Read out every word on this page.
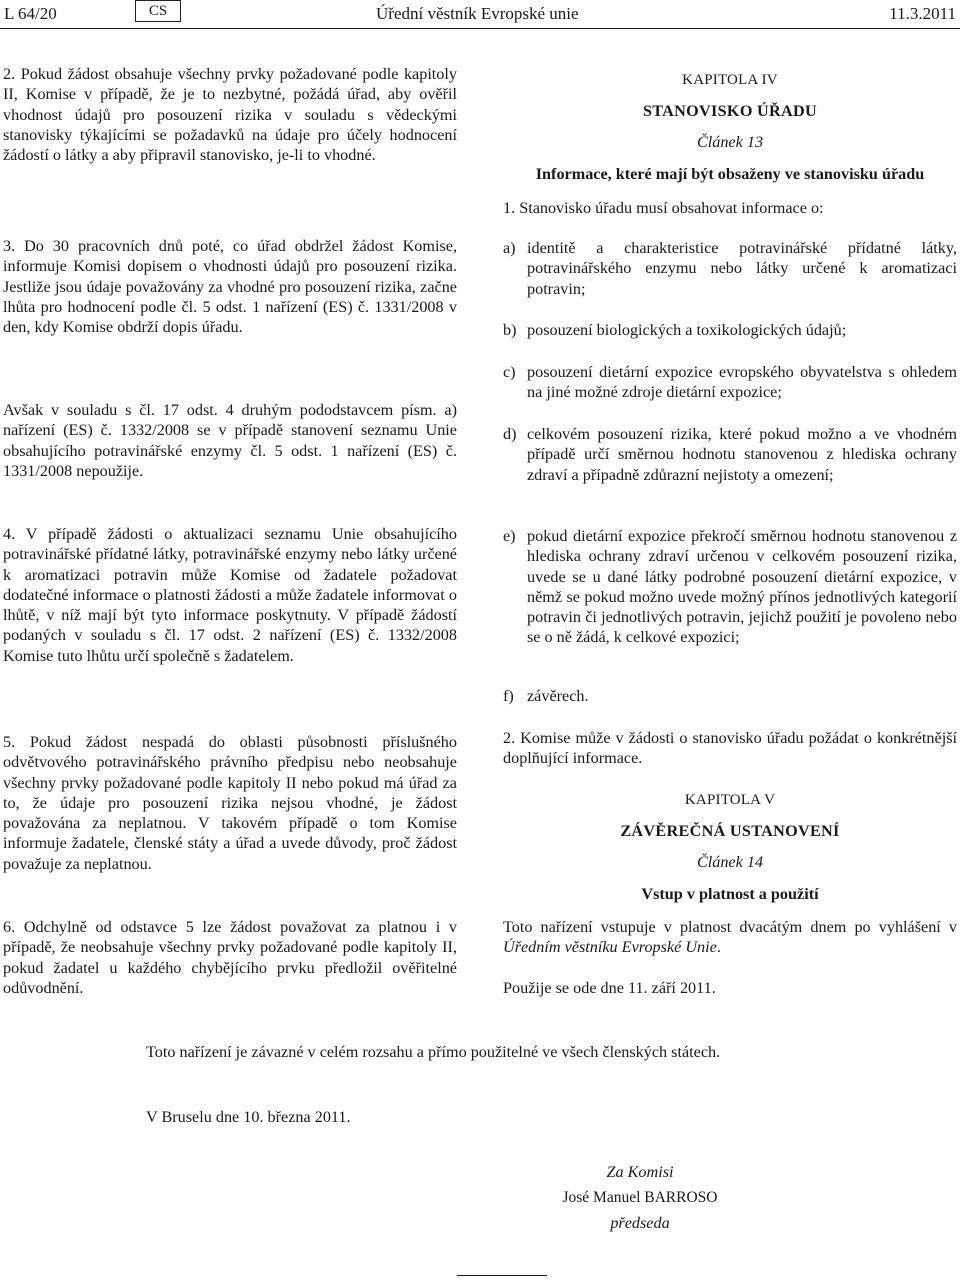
L 64/20	CS	Úřední věstník Evropské unie	11.3.2011

2. Pokud žádost obsahuje všechny prvky požadované podle kapitoly II, Komise v případě, že je to nezbytné, požádá úřad, aby ověřil vhodnost údajů pro posouzení rizika v souladu s vědeckými stanovisky týkajícími se požadavků na údaje pro účely hodnocení žádostí o látky a aby připravil stanovisko, je-li to vhodné.

3. Do 30 pracovních dnů poté, co úřad obdržel žádost Komise, informuje Komisi dopisem o vhodnosti údajů pro posouzení rizika. Jestliže jsou údaje považovány za vhodné pro posouzení rizika, začne lhůta pro hodnocení podle čl. 5 odst. 1 nařízení (ES) č. 1331/2008 v den, kdy Komise obdrží dopis úřadu.

Avšak v souladu s čl. 17 odst. 4 druhým pododstavcem písm. a) nařízení (ES) č. 1332/2008 se v případě stanovení seznamu Unie obsahujícího potravinářské enzymy čl. 5 odst. 1 nařízení (ES) č. 1331/2008 nepoužije.

4. V případě žádosti o aktualizaci seznamu Unie obsahujícího potravinářské přídatné látky, potravinářské enzymy nebo látky určené k aromatizaci potravin může Komise od žadatele požadovat dodatečné informace o platnosti žádosti a může žadatele informovat o lhůtě, v níž mají být tyto informace poskytnuty. V případě žádostí podaných v souladu s čl. 17 odst. 2 nařízení (ES) č. 1332/2008 Komise tuto lhůtu určí společně s žadatelem.

5. Pokud žádost nespadá do oblasti působnosti příslušného odvětvového potravinářského právního předpisu nebo neobsahuje všechny prvky požadované podle kapitoly II nebo pokud má úřad za to, že údaje pro posouzení rizika nejsou vhodné, je žádost považována za neplatnou. V takovém případě o tom Komise informuje žadatele, členské státy a úřad a uvede důvody, proč žádost považuje za neplatnou.

6. Odchylně od odstavce 5 lze žádost považovat za platnou i v případě, že neobsahuje všechny prvky požadované podle kapitoly II, pokud žadatel u každého chybějícího prvku předložil ověřitelné odůvodnění.

KAPITOLA IV

STANOVISKO ÚŘADU

Článek 13

Informace, které mají být obsaženy ve stanovisku úřadu

1. Stanovisko úřadu musí obsahovat informace o:

a) identitě a charakteristice potravinářské přídatné látky, potravinářského enzymu nebo látky určené k aromatizaci potravin;
b) posouzení biologických a toxikologických údajů;
c) posouzení dietární expozice evropského obyvatelstva s ohledem na jiné možné zdroje dietární expozice;
d) celkovém posouzení rizika, které pokud možno a ve vhodném případě určí směrnou hodnotu stanovenou z hlediska ochrany zdraví a případně zdůrazní nejistoty a omezení;
e) pokud dietární expozice překročí směrnou hodnotu stanovenou z hlediska ochrany zdraví určenou v celkovém posouzení rizika, uvede se u dané látky podrobné posouzení dietární expozice, v němž se pokud možno uvede možný přínos jednotlivých kategorií potravin či jednotlivých potravin, jejichž použití je povoleno nebo se o ně žádá, k celkové expozici;
f) závěrech.

2. Komise může v žádosti o stanovisko úřadu požádat o konkrétnější doplňující informace.

KAPITOLA V

ZÁVĚREČNÁ USTANOVENÍ

Článek 14

Vstup v platnost a použití

Toto nařízení vstupuje v platnost dvacátým dnem po vyhlášení v Úředním věstníku Evropské Unie.

Použije se ode dne 11. září 2011.

Toto nařízení je závazné v celém rozsahu a přímo použitelné ve všech členských státech.
V Bruselu dne 10. března 2011.
Za Komisi
José Manuel BARROSO
předseda
